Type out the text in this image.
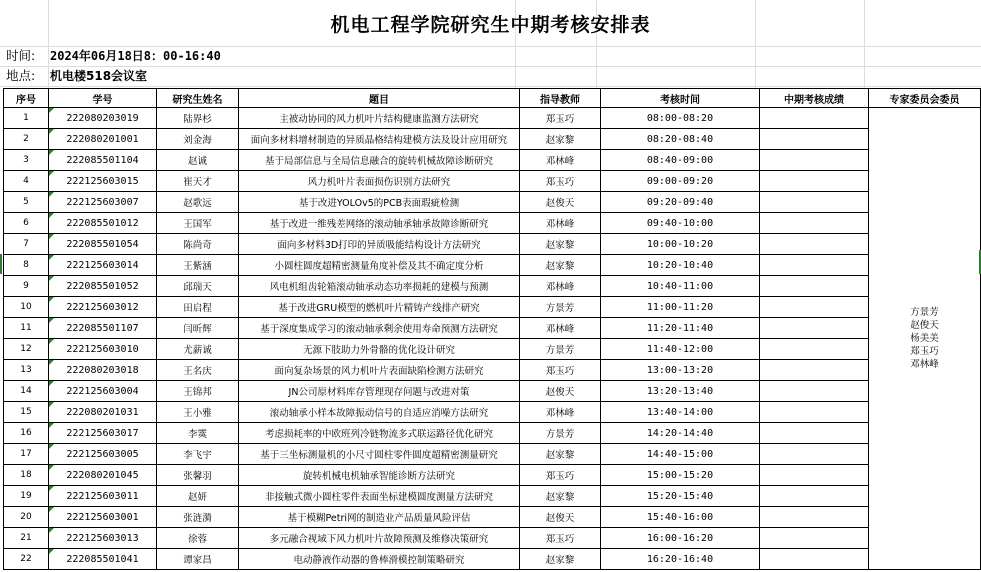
机电工程学院研究生中期考核安排表
时间: 2024年06月18日8：00-16:40
地点: 机电楼518会议室
序号	学号	研究生姓名	题目	指导教师	考核时间	中期考核成绩	专家委员会委员
1	222080203019	陆界杉	主被动协同的风力机叶片结构健康监测方法研究	郑玉巧	08:00-08:20		方景芳
赵俊天
杨美美
郑玉巧
邓林峰

2	222080201001	刘金海	面向多材料增材制造的异质晶格结构建模方法及设计应用研究	赵家黎	08:20-08:40		
3	222085501104	赵诚	基于局部信息与全局信息融合的旋转机械故障诊断研究	邓林峰	08:40-09:00		
4	222125603015	崔天才	风力机叶片表面损伤识别方法研究	郑玉巧	09:00-09:20		
5	222125603007	赵歌远	基于改进YOLOv5的PCB表面瑕疵检测	赵俊天	09:20-09:40		
6	222085501012	王国军	基于改进一维残差网络的滚动轴承轴承故障诊断研究	邓林峰	09:40-10:00		
7	222085501054	陈尚奇	面向多材料3D打印的异质吸能结构设计方法研究	赵家黎	10:00-10:20		
8	222125603014	王紫涵	小圆柱圆度超精密测量角度补偿及其不确定度分析	赵家黎	10:20-10:40		
9	222085501052	邱瑞天	风电机组齿轮箱滚动轴承动态功率损耗的建模与预测	邓林峰	10:40-11:00		
10	222125603012	田启程	基于改进GRU模型的燃机叶片精铸产线排产研究	方景芳	11:00-11:20		
11	222085501107	闫昕辉	基于深度集成学习的滚动轴承剩余使用寿命预测方法研究	邓林峰	11:20-11:40		
12	222125603010	尤薪诚	无源下肢助力外骨骼的优化设计研究	方景芳	11:40-12:00		
13	222080203018	王名庆	面向复杂场景的风力机叶片表面缺陷检测方法研究	郑玉巧	13:00-13:20		
14	222125603004	王锦邦	JN公司原材料库存管理现存问题与改进对策	赵俊天	13:20-13:40		
15	222080201031	王小雅	滚动轴承小样本故障振动信号的自适应消噪方法研究	邓林峰	13:40-14:00		
16	222125603017	李霙	考虑损耗率的中欧班列冷链物流多式联运路径优化研究	方景芳	14:20-14:40		
17	222125603005	李飞宇	基于三坐标测量机的小尺寸圆柱零件圆度超精密测量研究	赵家黎	14:40-15:00		
18	222080201045	张馨羽	旋转机械电机轴承智能诊断方法研究	郑玉巧	15:00-15:20		
19	222125603011	赵妍	非接触式微小圆柱零件表面坐标建模圆度测量方法研究	赵家黎	15:20-15:40		
20	222125603001	张涟漪	基于模糊Petri网的制造业产品质量风险评估	赵俊天	15:40-16:00		
21	222125603013	徐蓉	多元融合视域下风力机叶片故障预测及维修决策研究	郑玉巧	16:00-16:20		
22	222085501041	谭家昌	电动静液作动器的鲁棒滑模控制策略研究	赵家黎	16:20-16:40		
